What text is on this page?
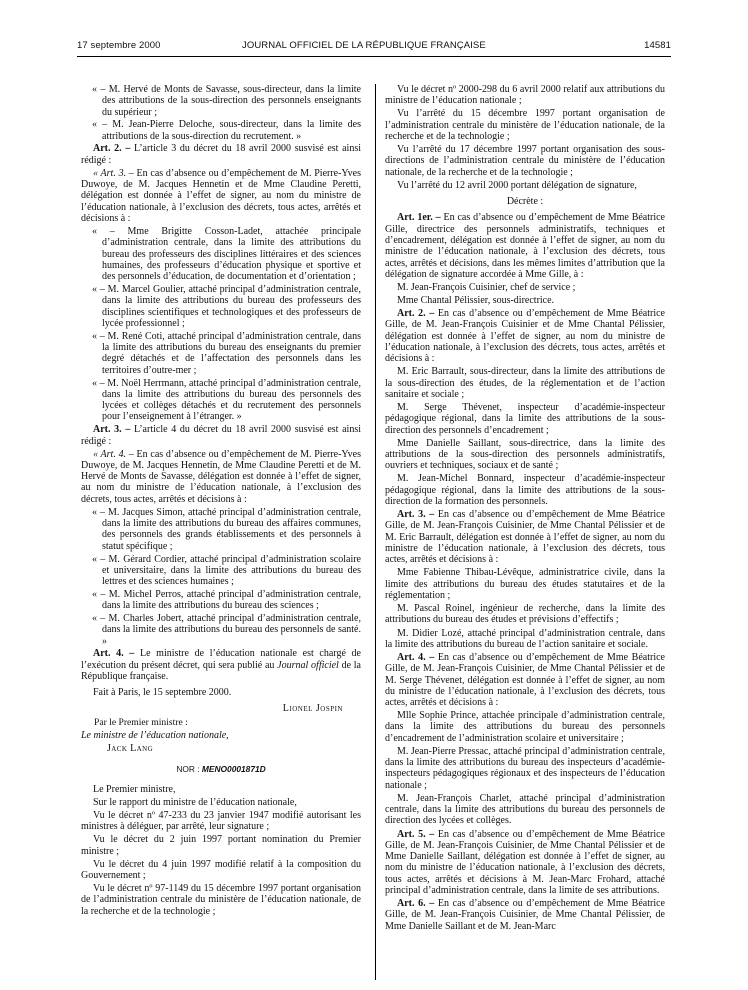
17 septembre 2000	JOURNAL OFFICIEL DE LA RÉPUBLIQUE FRANÇAISE	14581

« – M. Hervé de Monts de Savasse, sous-directeur, dans la limite des attributions de la sous-direction des personnels enseignants du supérieur ;

« – M. Jean-Pierre Deloche, sous-directeur, dans la limite des attributions de la sous-direction du recrutement. »

Art. 2. – L’article 3 du décret du 18 avril 2000 susvisé est ainsi rédigé :

« Art. 3. – En cas d’absence ou d’empêchement de M. Pierre-Yves Duwoye, de M. Jacques Hennetin et de Mme Claudine Peretti, délégation est donnée à l’effet de signer, au nom du ministre de l’éducation nationale, à l’exclusion des décrets, tous actes, arrêtés et décisions à :

« – Mme Brigitte Cosson-Ladet, attachée principale d’administration centrale, dans la limite des attributions du bureau des professeurs des disciplines littéraires et des sciences humaines, des professeurs d’éducation physique et sportive et des personnels d’éducation, de documentation et d’orientation ;

« – M. Marcel Goulier, attaché principal d’administration centrale, dans la limite des attributions du bureau des professeurs des disciplines scientifiques et technologiques et des professeurs de lycée professionnel ;

« – M. René Coti, attaché principal d’administration centrale, dans la limite des attributions du bureau des enseignants du premier degré détachés et de l’affectation des personnels dans les territoires d’outre-mer ;

« – M. Noël Herrmann, attaché principal d’administration centrale, dans la limite des attributions du bureau des personnels des lycées et collèges détachés et du recrutement des personnels pour l’enseignement à l’étranger. »

Art. 3. – L’article 4 du décret du 18 avril 2000 susvisé est ainsi rédigé :

« Art. 4. – En cas d’absence ou d’empêchement de M. Pierre-Yves Duwoye, de M. Jacques Hennetin, de Mme Claudine Peretti et de M. Hervé de Monts de Savasse, délégation est donnée à l’effet de signer, au nom du ministre de l’éducation nationale, à l’exclusion des décrets, tous actes, arrêtés et décisions à :

« – M. Jacques Simon, attaché principal d’administration centrale, dans la limite des attributions du bureau des affaires communes, des personnels des grands établissements et des personnels à statut spécifique ;

« – M. Gérard Cordier, attaché principal d’administration scolaire et universitaire, dans la limite des attributions du bureau des lettres et des sciences humaines ;

« – M. Michel Perros, attaché principal d’administration centrale, dans la limite des attributions du bureau des sciences ;

« – M. Charles Jobert, attaché principal d’administration centrale, dans la limite des attributions du bureau des personnels de santé. »

Art. 4. – Le ministre de l’éducation nationale est chargé de l’exécution du présent décret, qui sera publié au Journal officiel de la République française.

Fait à Paris, le 15 septembre 2000.

Lionel Jospin

Par le Premier ministre :

Le ministre de l’éducation nationale,

Jack Lang

NOR : MENO0001871D

Le Premier ministre,

Sur le rapport du ministre de l’éducation nationale,

Vu le décret nº 47-233 du 23 janvier 1947 modifié autorisant les ministres à déléguer, par arrêté, leur signature ;

Vu le décret du 2 juin 1997 portant nomination du Premier ministre ;

Vu le décret du 4 juin 1997 modifié relatif à la composition du Gouvernement ;

Vu le décret nº 97-1149 du 15 décembre 1997 portant organisation de l’administration centrale du ministère de l’éducation nationale, de la recherche et de la technologie ;

Vu le décret nº 2000-298 du 6 avril 2000 relatif aux attributions du ministre de l’éducation nationale ;

Vu l’arrêté du 15 décembre 1997 portant organisation de l’administration centrale du ministère de l’éducation nationale, de la recherche et de la technologie ;

Vu l’arrêté du 17 décembre 1997 portant organisation des sous-directions de l’administration centrale du ministère de l’éducation nationale, de la recherche et de la technologie ;

Vu l’arrêté du 12 avril 2000 portant délégation de signature,

Décrète :

Art. 1er. – En cas d’absence ou d’empêchement de Mme Béatrice Gille, directrice des personnels administratifs, techniques et d’encadrement, délégation est donnée à l’effet de signer, au nom du ministre de l’éducation nationale, à l’exclusion des décrets, tous actes, arrêtés et décisions, dans les mêmes limites d’attribution que la délégation de signature accordée à Mme Gille, à :

M. Jean-François Cuisinier, chef de service ;

Mme Chantal Pélissier, sous-directrice.

Art. 2. – En cas d’absence ou d’empêchement de Mme Béatrice Gille, de M. Jean-François Cuisinier et de Mme Chantal Pélissier, délégation est donnée à l’effet de signer, au nom du ministre de l’éducation nationale, à l’exclusion des décrets, tous actes, arrêtés et décisions à :

M. Eric Barrault, sous-directeur, dans la limite des attributions de la sous-direction des études, de la réglementation et de l’action sanitaire et sociale ;

M. Serge Thévenet, inspecteur d’académie-inspecteur pédagogique régional, dans la limite des attributions de la sous-direction des personnels d’encadrement ;

Mme Danielle Saillant, sous-directrice, dans la limite des attributions de la sous-direction des personnels administratifs, ouvriers et techniques, sociaux et de santé ;

M. Jean-Michel Bonnard, inspecteur d’académie-inspecteur pédagogique régional, dans la limite des attributions de la sous-direction de la formation des personnels.

Art. 3. – En cas d’absence ou d’empêchement de Mme Béatrice Gille, de M. Jean-François Cuisinier, de Mme Chantal Pélissier et de M. Eric Barrault, délégation est donnée à l’effet de signer, au nom du ministre de l’éducation nationale, à l’exclusion des décrets, tous actes, arrêtés et décisions à :

Mme Fabienne Thibau-Lévêque, administratrice civile, dans la limite des attributions du bureau des études statutaires et de la réglementation ;

M. Pascal Roinel, ingénieur de recherche, dans la limite des attributions du bureau des études et prévisions d’effectifs ;

M. Didier Lozé, attaché principal d’administration centrale, dans la limite des attributions du bureau de l’action sanitaire et sociale.

Art. 4. – En cas d’absence ou d’empêchement de Mme Béatrice Gille, de M. Jean-François Cuisinier, de Mme Chantal Pélissier et de M. Serge Thévenet, délégation est donnée à l’effet de signer, au nom du ministre de l’éducation nationale, à l’exclusion des décrets, tous actes, arrêtés et décisions à :

Mlle Sophie Prince, attachée principale d’administration centrale, dans la limite des attributions du bureau des personnels d’encadrement de l’administration scolaire et universitaire ;

M. Jean-Pierre Pressac, attaché principal d’administration centrale, dans la limite des attributions du bureau des inspecteurs d’académie-inspecteurs pédagogiques régionaux et des inspecteurs de l’éducation nationale ;

M. Jean-François Charlet, attaché principal d’administration centrale, dans la limite des attributions du bureau des personnels de direction des lycées et collèges.

Art. 5. – En cas d’absence ou d’empêchement de Mme Béatrice Gille, de M. Jean-François Cuisinier, de Mme Chantal Pélissier et de Mme Danielle Saillant, délégation est donnée à l’effet de signer, au nom du ministre de l’éducation nationale, à l’exclusion des décrets, tous actes, arrêtés et décisions à M. Jean-Marc Frohard, attaché principal d’administration centrale, dans la limite de ses attributions.

Art. 6. – En cas d’absence ou d’empêchement de Mme Béatrice Gille, de M. Jean-François Cuisinier, de Mme Chantal Pélissier, de Mme Danielle Saillant et de M. Jean-Marc
